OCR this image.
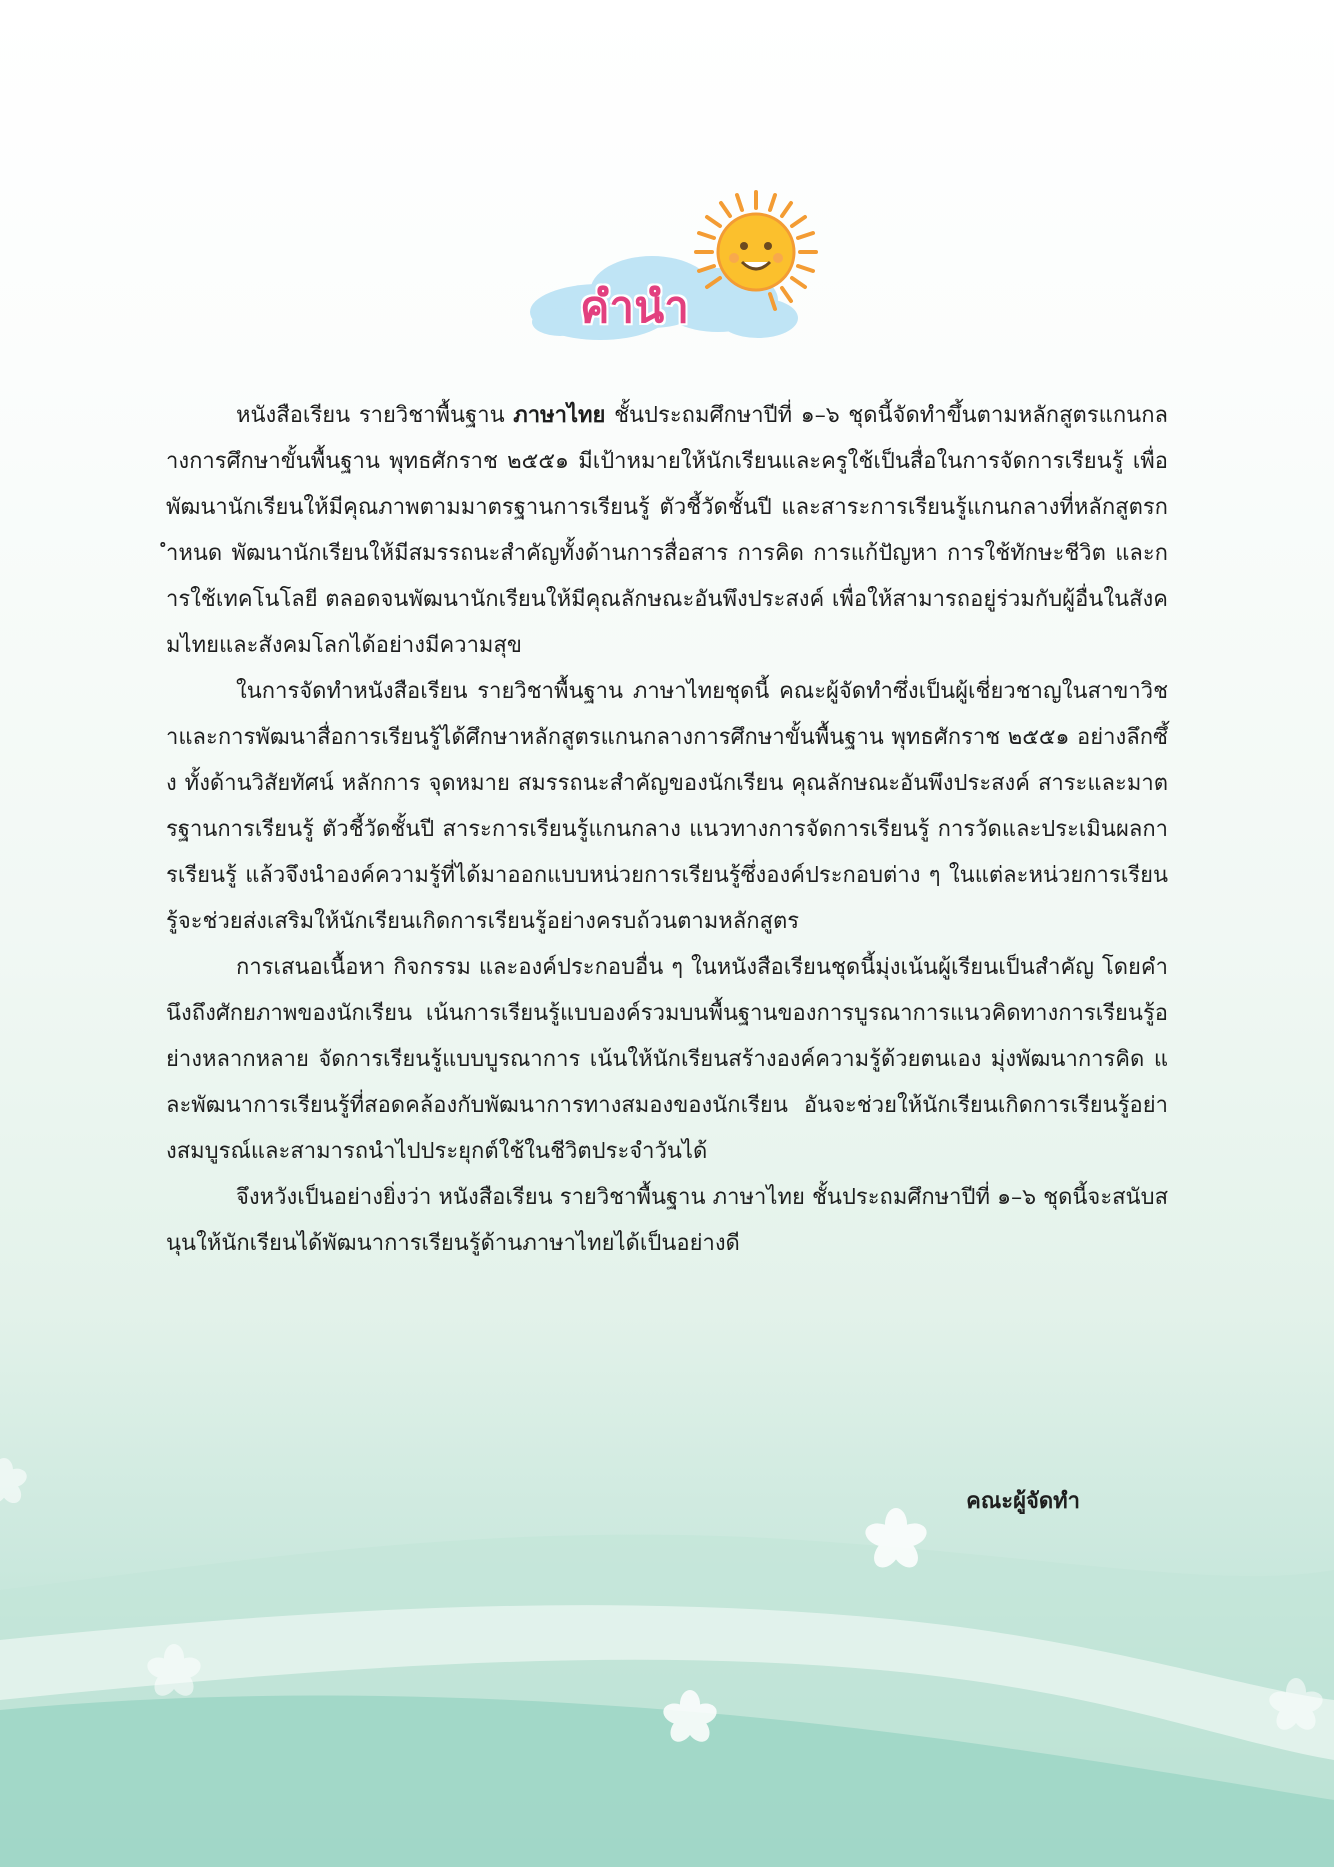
คำนำ

หนังสือเรียน รายวิชาพื้นฐาน ภาษาไทย ชั้นประถมศึกษาปีที่ ๑–๖ ชุดนี้จัดทำขึ้นตามหลักสูตรแกนกลางการศึกษาขั้นพื้นฐาน พุทธศักราช ๒๕๕๑ มีเป้าหมายให้นักเรียนและครูใช้เป็นสื่อในการจัดการเรียนรู้ เพื่อพัฒนานักเรียนให้มีคุณภาพตามมาตรฐานการเรียนรู้ ตัวชี้วัดชั้นปี และสาระการเรียนรู้แกนกลางที่หลักสูตรกำหนด พัฒนานักเรียนให้มีสมรรถนะสำคัญทั้งด้านการสื่อสาร การคิด การแก้ปัญหา การใช้ทักษะชีวิต และการใช้เทคโนโลยี ตลอดจนพัฒนานักเรียนให้มีคุณลักษณะอันพึงประสงค์ เพื่อให้สามารถอยู่ร่วมกับผู้อื่นในสังคมไทยและสังคมโลกได้อย่างมีความสุข

ในการจัดทำหนังสือเรียน รายวิชาพื้นฐาน ภาษาไทยชุดนี้ คณะผู้จัดทำซึ่งเป็นผู้เชี่ยวชาญในสาขาวิชาและการพัฒนาสื่อการเรียนรู้ได้ศึกษาหลักสูตรแกนกลางการศึกษาขั้นพื้นฐาน พุทธศักราช ๒๕๕๑ อย่างลึกซึ้ง ทั้งด้านวิสัยทัศน์ หลักการ จุดหมาย สมรรถนะสำคัญของนักเรียน คุณลักษณะอันพึงประสงค์ สาระและมาตรฐานการเรียนรู้ ตัวชี้วัดชั้นปี สาระการเรียนรู้แกนกลาง แนวทางการจัดการเรียนรู้ การวัดและประเมินผลการเรียนรู้ แล้วจึงนำองค์ความรู้ที่ได้มาออกแบบหน่วยการเรียนรู้ซึ่งองค์ประกอบต่าง ๆ ในแต่ละหน่วยการเรียนรู้จะช่วยส่งเสริมให้นักเรียนเกิดการเรียนรู้อย่างครบถ้วนตามหลักสูตร

การเสนอเนื้อหา กิจกรรม และองค์ประกอบอื่น ๆ ในหนังสือเรียนชุดนี้มุ่งเน้นผู้เรียนเป็นสำคัญ โดยคำนึงถึงศักยภาพของนักเรียน เน้นการเรียนรู้แบบองค์รวมบนพื้นฐานของการบูรณาการแนวคิดทางการเรียนรู้อย่างหลากหลาย จัดการเรียนรู้แบบบูรณาการ เน้นให้นักเรียนสร้างองค์ความรู้ด้วยตนเอง มุ่งพัฒนาการคิด และพัฒนาการเรียนรู้ที่สอดคล้องกับพัฒนาการทางสมองของนักเรียน อันจะช่วยให้นักเรียนเกิดการเรียนรู้อย่างสมบูรณ์และสามารถนำไปประยุกต์ใช้ในชีวิตประจำวันได้

จึงหวังเป็นอย่างยิ่งว่า หนังสือเรียน รายวิชาพื้นฐาน ภาษาไทย ชั้นประถมศึกษาปีที่ ๑–๖ ชุดนี้จะสนับสนุนให้นักเรียนได้พัฒนาการเรียนรู้ด้านภาษาไทยได้เป็นอย่างดี

คณะผู้จัดทำ
